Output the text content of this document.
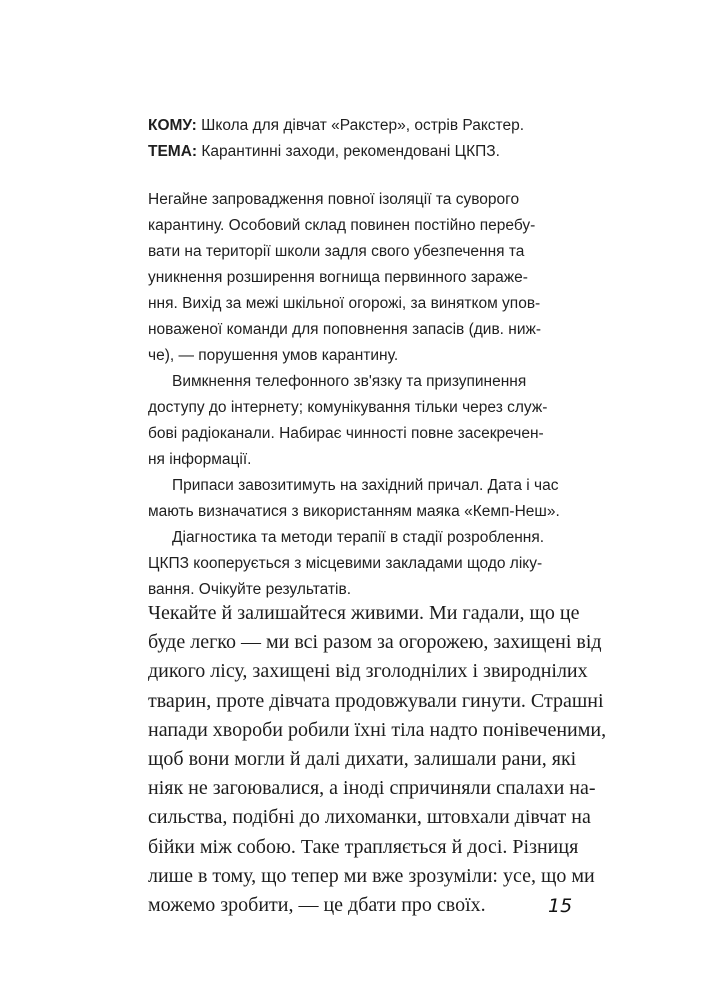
КОМУ: Школа для дівчат «Ракстер», острів Ракстер.
ТЕМА: Карантинні заходи, рекомендовані ЦКПЗ.
Негайне запровадження повної ізоляції та суворого
карантину. Особовий склад повинен постійно перебу-
вати на території школи задля свого убезпечення та
уникнення розширення вогнища первинного зараже-
ння. Вихід за межі шкільної огорожі, за винятком упов-
новаженої команди для поповнення запасів (див. ниж-
че), — порушення умов карантину.
Вимкнення телефонного зв'язку та призупинення
доступу до інтернету; комунікування тільки через служ-
бові радіоканали. Набирає чинності повне засекречен-
ня інформації.
Припаси завозитимуть на західний причал. Дата і час
мають визначатися з використанням маяка «Кемп-Неш».
Діагностика та методи терапії в стадії розроблення.
ЦКПЗ кооперується з місцевими закладами щодо ліку-
вання. Очікуйте результатів.
Чекайте й залишайтеся живими. Ми гадали, що це
буде легко — ми всі разом за огорожею, захищені від
дикого лісу, захищені від зголоднілих і звироднілих
тварин, проте дівчата продовжували гинути. Страшні
напади хвороби робили їхні тіла надто понівеченими,
щоб вони могли й далі дихати, залишали рани, які
ніяк не загоювалися, а іноді спричиняли спалахи на-
сильства, подібні до лихоманки, штовхали дівчат на
бійки між собою. Таке трапляється й досі. Різниця
лише в тому, що тепер ми вже зрозуміли: усе, що ми
можемо зробити, — це дбати про своїх.	15
